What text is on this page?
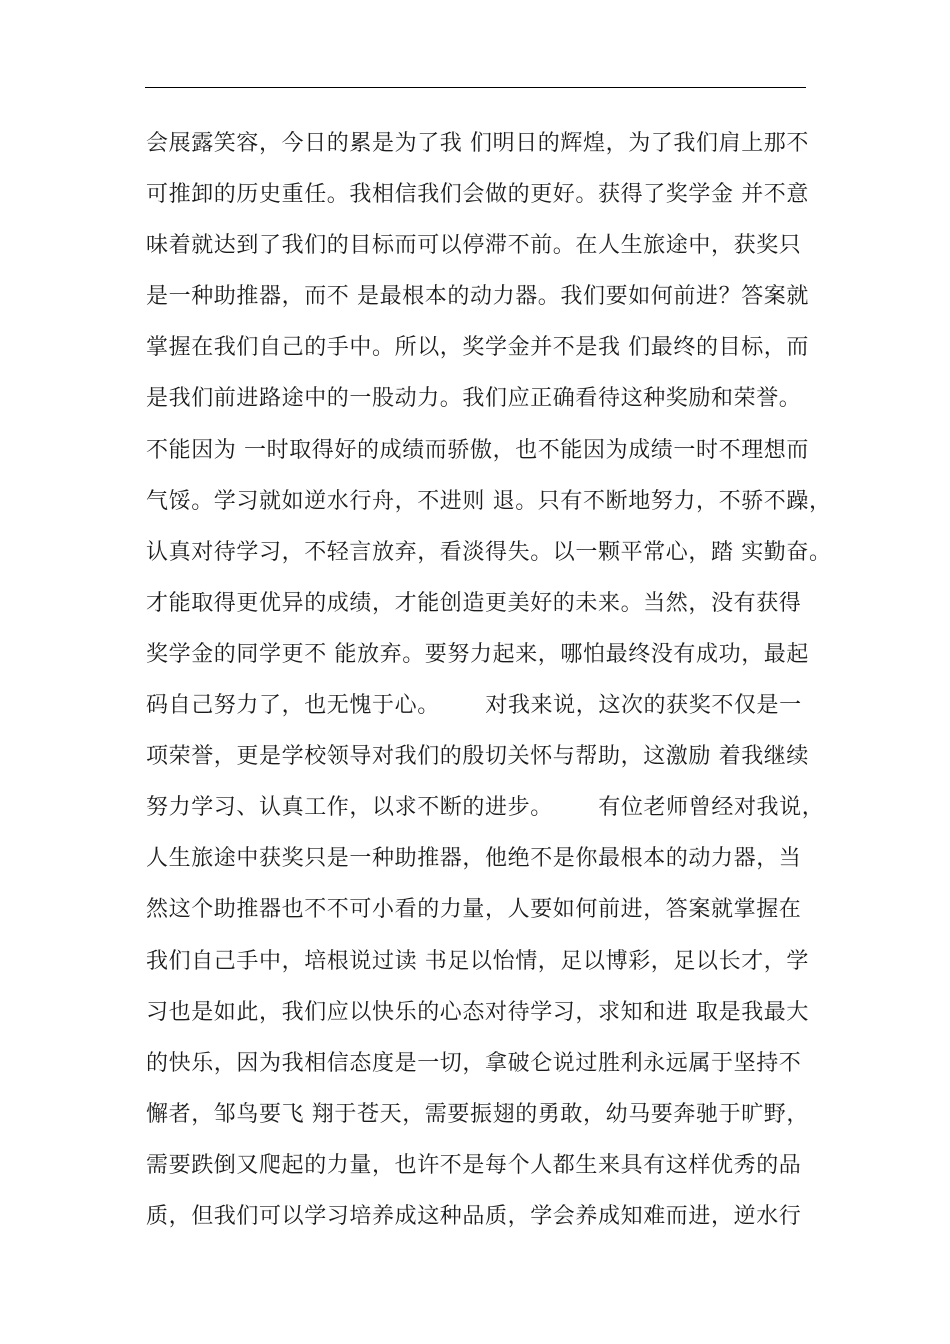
会展露笑容，今日的累是为了我 们明日的辉煌，为了我们肩上那不
可推卸的历史重任。我相信我们会做的更好。获得了奖学金 并不意
味着就达到了我们的目标而可以停滞不前。在人生旅途中，获奖只
是一种助推器，而不 是最根本的动力器。我们要如何前进？答案就
掌握在我们自己的手中。所以，奖学金并不是我 们最终的目标，而
是我们前进路途中的一股动力。我们应正确看待这种奖励和荣誉。
不能因为 一时取得好的成绩而骄傲，也不能因为成绩一时不理想而
气馁。学习就如逆水行舟，不进则 退。只有不断地努力，不骄不躁，
认真对待学习，不轻言放弃，看淡得失。以一颗平常心，踏 实勤奋。
才能取得更优异的成绩，才能创造更美好的未来。当然，没有获得
奖学金的同学更不 能放弃。要努力起来，哪怕最终没有成功，最起
码自己努力了，也无愧于心。      对我来说，这次的获奖不仅是一
项荣誉，更是学校领导对我们的殷切关怀与帮助，这激励 着我继续
努力学习、认真工作，以求不断的进步。      有位老师曾经对我说，
人生旅途中获奖只是一种助推器，他绝不是你最根本的动力器，当
然这个助推器也不不可小看的力量，人要如何前进，答案就掌握在
我们自己手中，培根说过读 书足以怡情，足以博彩，足以长才，学
习也是如此，我们应以快乐的心态对待学习，求知和进 取是我最大
的快乐，因为我相信态度是一切，拿破仑说过胜利永远属于坚持不
懈者，邹鸟要飞 翔于苍天，需要振翅的勇敢，幼马要奔驰于旷野，
需要跌倒又爬起的力量，也许不是每个人都生来具有这样优秀的品
质，但我们可以学习培养成这种品质，学会养成知难而进，逆水行
